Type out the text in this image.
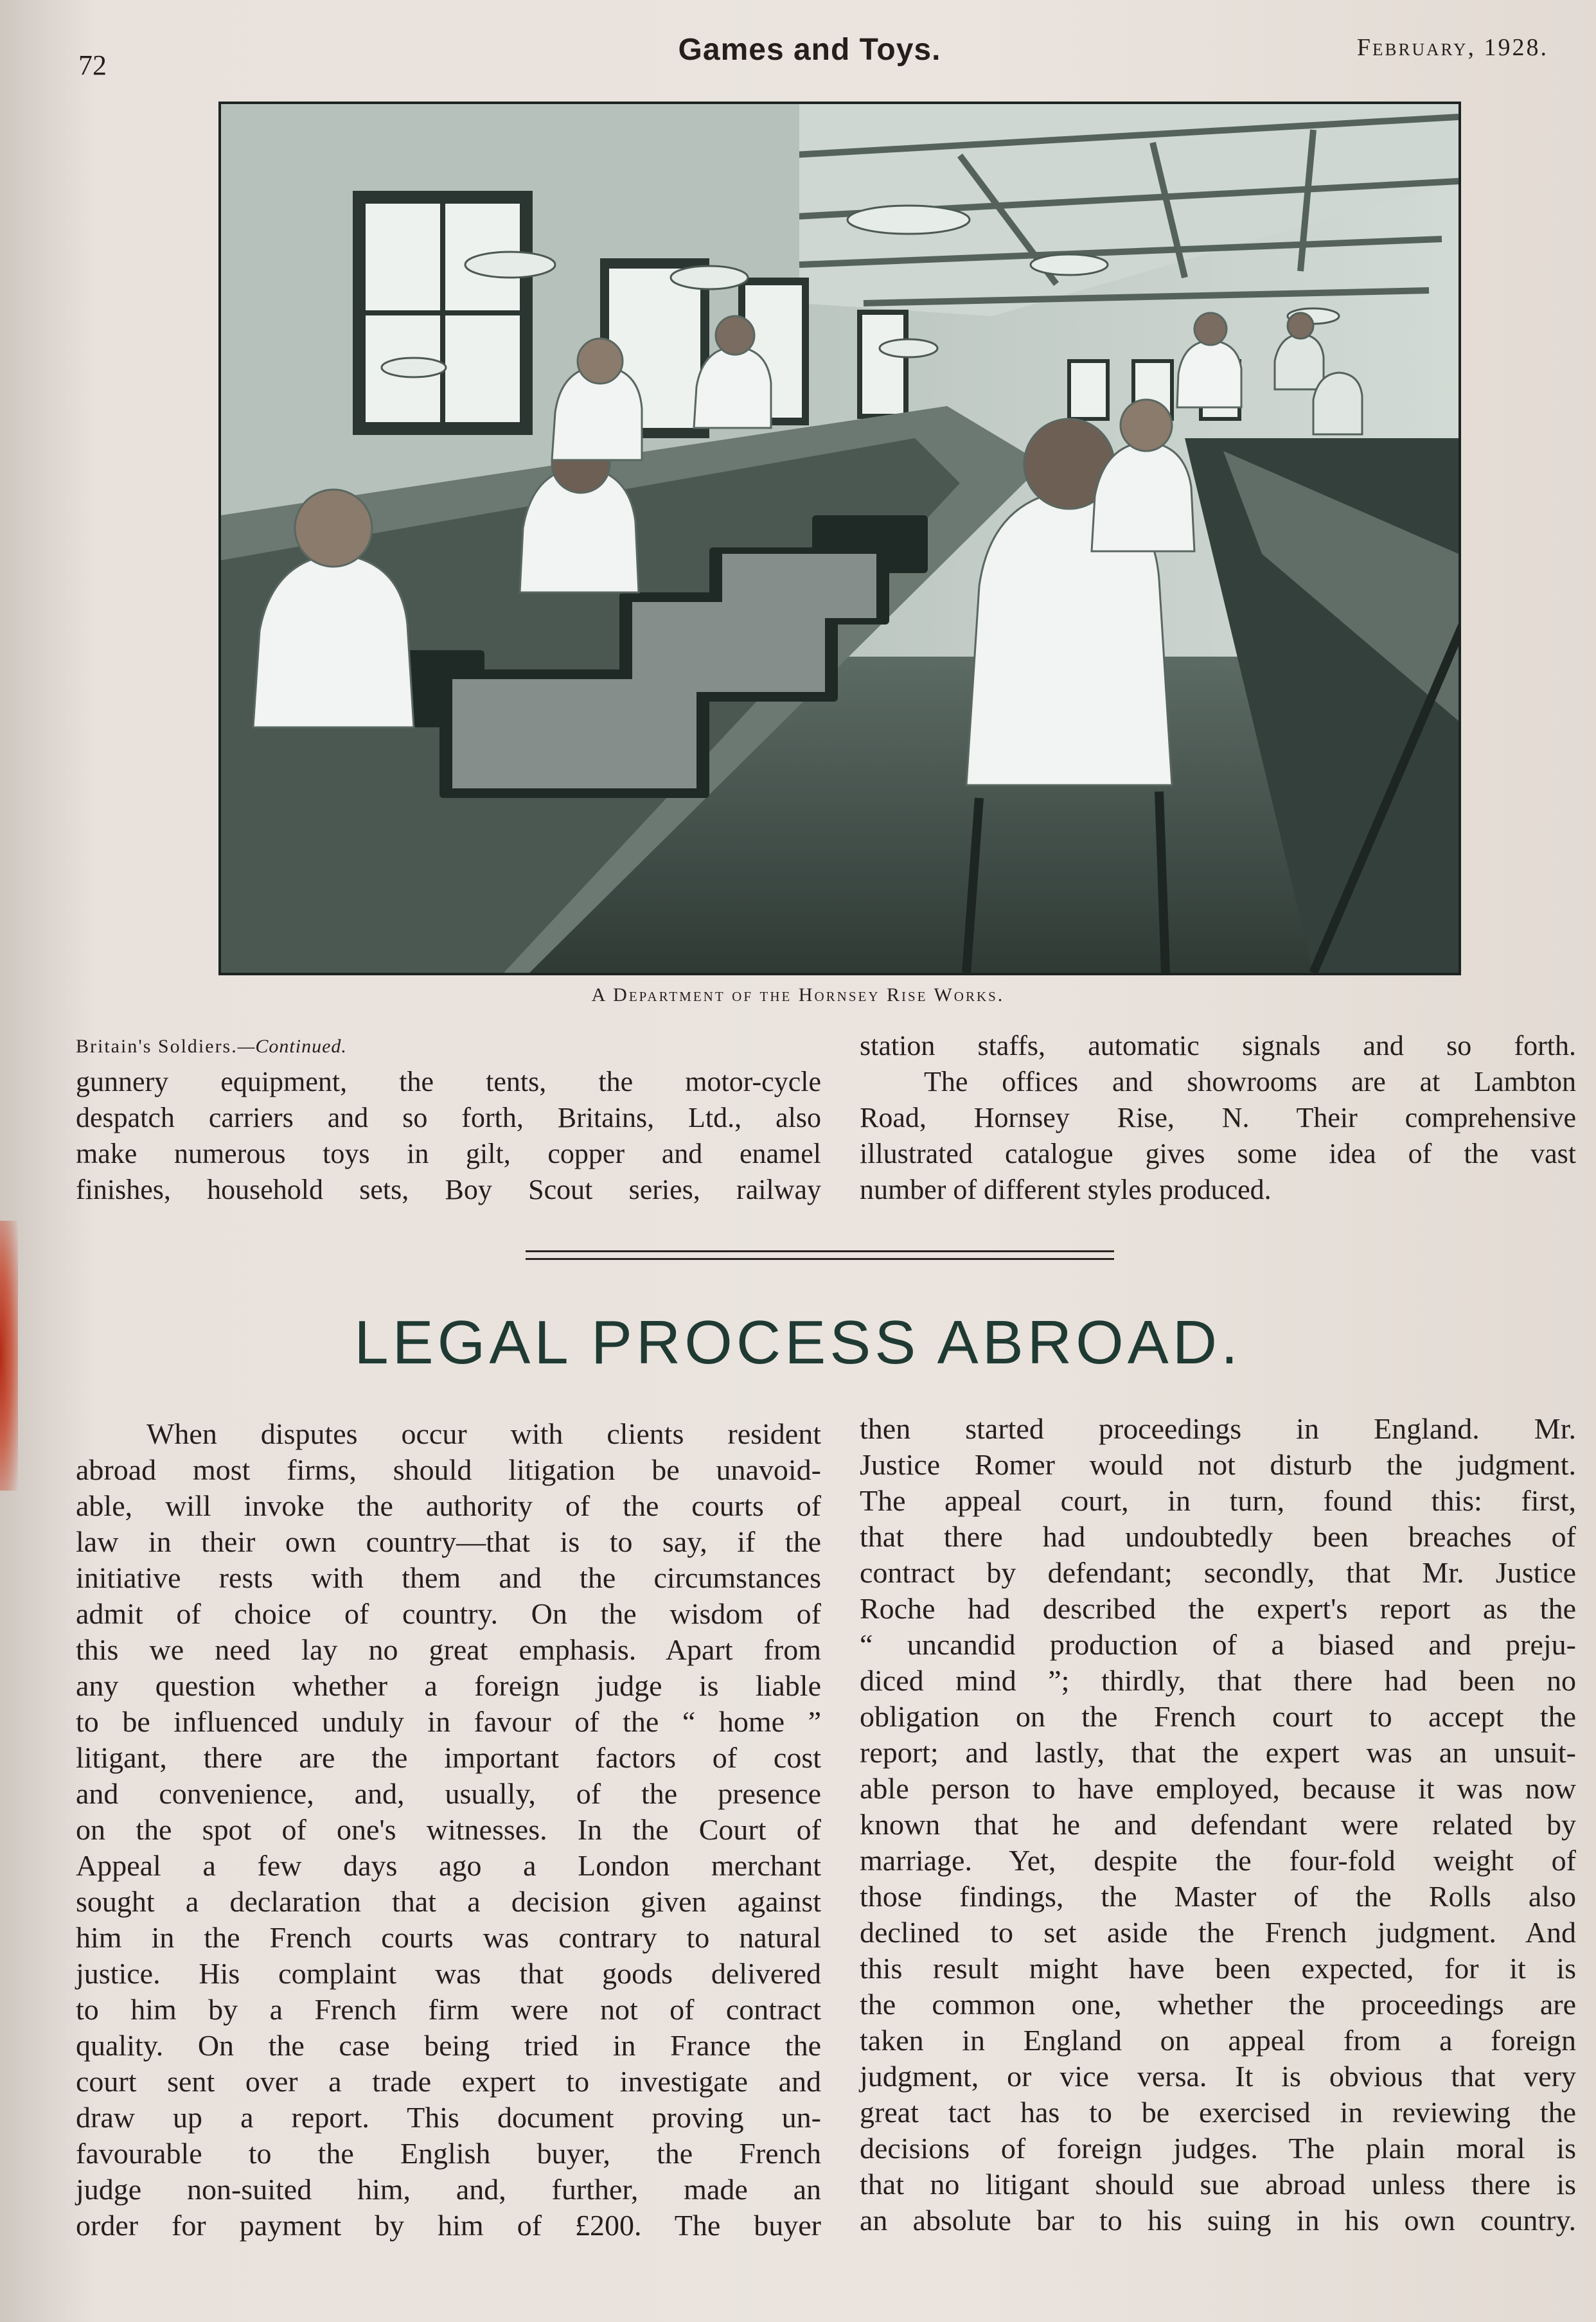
72	Games and Toys.	February, 1928.
A Department of the Hornsey Rise Works.
Britain's Soldiers.—Continued.
gunnery equipment, the tents, the motor-cycle
despatch carriers and so forth, Britains, Ltd., also
make numerous toys in gilt, copper and enamel
finishes, household sets, Boy Scout series, railway
station staffs, automatic signals and so forth.
The offices and showrooms are at Lambton
Road, Hornsey Rise, N. Their comprehensive
illustrated catalogue gives some idea of the vast
number of different styles produced.
LEGAL PROCESS ABROAD.
When disputes occur with clients resident
abroad most firms, should litigation be unavoid-
able, will invoke the authority of the courts of
law in their own country—that is to say, if the
initiative rests with them and the circumstances
admit of choice of country. On the wisdom of
this we need lay no great emphasis. Apart from
any question whether a foreign judge is liable
to be influenced unduly in favour of the “ home ”
litigant, there are the important factors of cost
and convenience, and, usually, of the presence
on the spot of one's witnesses. In the Court of
Appeal a few days ago a London merchant
sought a declaration that a decision given against
him in the French courts was contrary to natural
justice. His complaint was that goods delivered
to him by a French firm were not of contract
quality. On the case being tried in France the
court sent over a trade expert to investigate and
draw up a report. This document proving un-
favourable to the English buyer, the French
judge non-suited him, and, further, made an
order for payment by him of £200. The buyer
then started proceedings in England. Mr.
Justice Romer would not disturb the judgment.
The appeal court, in turn, found this: first,
that there had undoubtedly been breaches of
contract by defendant; secondly, that Mr. Justice
Roche had described the expert's report as the
“ uncandid production of a biased and preju-
diced mind ”; thirdly, that there had been no
obligation on the French court to accept the
report; and lastly, that the expert was an unsuit-
able person to have employed, because it was now
known that he and defendant were related by
marriage. Yet, despite the four-fold weight of
those findings, the Master of the Rolls also
declined to set aside the French judgment. And
this result might have been expected, for it is
the common one, whether the proceedings are
taken in England on appeal from a foreign
judgment, or vice versa. It is obvious that very
great tact has to be exercised in reviewing the
decisions of foreign judges. The plain moral is
that no litigant should sue abroad unless there is
an absolute bar to his suing in his own country.
